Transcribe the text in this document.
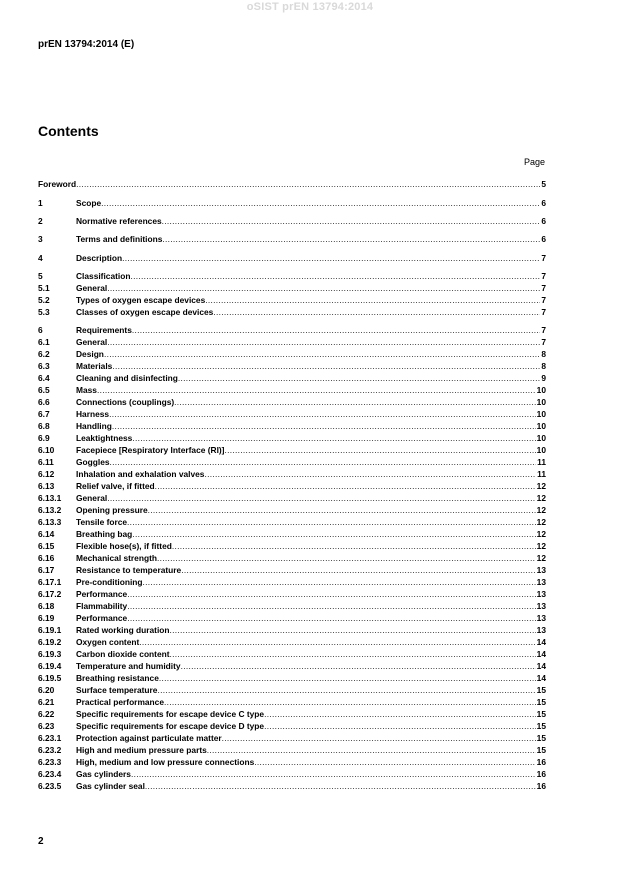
oSIST prEN 13794:2014
prEN 13794:2014 (E)
Contents
Page
Foreword .....	5
1	Scope .....	6
2	Normative references .....	6
3	Terms and definitions .....	6
4	Description .....	7
5	Classification .....	7
5.1	General .....	7
5.2	Types of oxygen escape devices .....	7
5.3	Classes of oxygen escape devices .....	7
6	Requirements .....	7
6.1	General .....	7
6.2	Design .....	8
6.3	Materials .....	8
6.4	Cleaning and disinfecting .....	9
6.5	Mass .....	10
6.6	Connections (couplings) .....	10
6.7	Harness .....	10
6.8	Handling .....	10
6.9	Leaktightness .....	10
6.10	Facepiece [Respiratory Interface (RI)] .....	10
6.11	Goggles .....	11
6.12	Inhalation and exhalation valves .....	11
6.13	Relief valve, if fitted .....	12
6.13.1	General .....	12
6.13.2	Opening pressure .....	12
6.13.3	Tensile force .....	12
6.14	Breathing bag .....	12
6.15	Flexible hose(s), if fitted .....	12
6.16	Mechanical strength .....	12
6.17	Resistance to temperature .....	13
6.17.1	Pre-conditioning .....	13
6.17.2	Performance .....	13
6.18	Flammability .....	13
6.19	Performance .....	13
6.19.1	Rated working duration .....	13
6.19.2	Oxygen content .....	14
6.19.3	Carbon dioxide content .....	14
6.19.4	Temperature and humidity .....	14
6.19.5	Breathing resistance .....	14
6.20	Surface temperature .....	15
6.21	Practical performance .....	15
6.22	Specific requirements for escape device C type .....	15
6.23	Specific requirements for escape device D type .....	15
6.23.1	Protection against particulate matter .....	15
6.23.2	High and medium pressure parts .....	15
6.23.3	High, medium and low pressure connections .....	16
6.23.4	Gas cylinders .....	16
6.23.5	Gas cylinder seal .....	16
2
